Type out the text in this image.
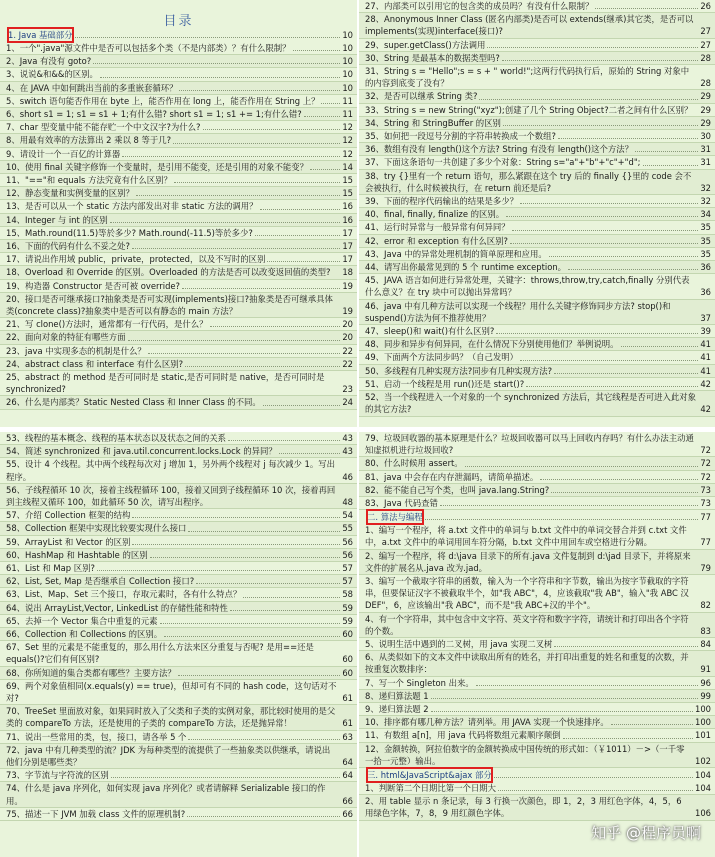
目录
1. Java 基础部分	10
1、一个".java"源文件中是否可以包括多个类（不是内部类）？有什么限制？	10
2、Java 有没有 goto?	10
3、说说&和&&的区别。	10
4、在 JAVA 中如何跳出当前的多重嵌套循环？	10
5、switch 语句能否作用在 byte 上，能否作用在 long 上，能否作用在 String 上？	11
6、short s1 = 1; s1 = s1 + 1;有什么错? short s1 = 1; s1 += 1;有什么错?	11
7、char 型变量中能不能存贮一个中文汉字?为什么?	12
8、用最有效率的方法算出 2 乘以 8 等于几?	12
9、请设计一个一百亿的计算器	12
10、使用 final 关键字修饰一个变量时，是引用不能变，还是引用的对象不能变？	14
11、"=="和 equals 方法究竟有什么区别？	15
12、静态变量和实例变量的区别？	15
13、是否可以从一个 static 方法内部发出对非 static 方法的调用？	16
14、Integer 与 int 的区别	16
15、Math.round(11.5)等於多少? Math.round(-11.5)等於多少?	17
16、下面的代码有什么不妥之处?	17
17、请说出作用域 public，private，protected，以及不写时的区别	17
18、Overload 和 Override 的区别。Overloaded 的方法是否可以改变返回值的类型?	18
19、构造器 Constructor 是否可被 override?	19
20、接口是否可继承接口?抽象类是否可实现(implements)接口?抽象类是否可继承具体类(concrete class)?抽象类中是否可以有静态的 main 方法？	19
21、写 clone()方法时，通常都有一行代码，是什么？	20
22、面向对象的特征有哪些方面	20
23、java 中实现多态的机制是什么？	22
24、abstract class 和 interface 有什么区别?	22
25、abstract 的 method 是否可同时是 static,是否可同时是 native，是否可同时是 synchronized?	23
26、什么是内部类？Static Nested Class 和 Inner Class 的不同。	24
27、内部类可以引用它的包含类的成员吗？有没有什么限制？	26
28、Anonymous Inner Class (匿名内部类)是否可以 extends(继承)其它类，是否可以 implements(实现)interface(接口)?	27
29、super.getClass()方法调用	27
30、String 是最基本的数据类型吗?	28
31、String s = "Hello";s = s + " world!";这两行代码执行后，原始的 String 对象中的内容到底变了没有？	28
32、是否可以继承 String 类?	29
33、String s = new String("xyz");创建了几个 String Object?二者之间有什么区别？ 29
34、String 和 StringBuffer 的区别	29
35、如何把一段逗号分割的字符串转换成一个数组?	30
36、数组有没有 length()这个方法? String 有没有 length()这个方法？	31
37、下面这条语句一共创建了多少个对象：String s="a"+"b"+"c"+"d";	31
38、try {}里有一个 return 语句，那么紧跟在这个 try 后的 finally {}里的 code 会不会被执行，什么时候被执行，在 return 前还是后?	32
39、下面的程序代码输出的结果是多少？	32
40、final, finally, finalize 的区别。	34
41、运行时异常与一般异常有何异同？	35
42、error 和 exception 有什么区别?	35
43、Java 中的异常处理机制的简单原理和应用。	35
44、请写出你最常见到的 5 个 runtime exception。	36
45、JAVA 语言如何进行异常处理，关键字：throws,throw,try,catch,finally 分别代表什么意义？在 try 块中可以抛出异常吗？	36
46、java 中有几种方法可以实现一个线程？用什么关键字修饰同步方法? stop()和 suspend()方法为何不推荐使用？	37
47、sleep()和 wait()有什么区别?	39
48、同步和异步有何异同，在什么情况下分别使用他们？举例说明。	41
49、下面两个方法同步吗？（自己发明）	41
50、多线程有几种实现方法?同步有几种实现方法?	41
51、启动一个线程是用 run()还是 start()?	42
52、当一个线程进入一个对象的一个 synchronized 方法后，其它线程是否可进入此对象的其它方法?	42
53、线程的基本概念、线程的基本状态以及状态之间的关系	43
54、简述 synchronized 和 java.util.concurrent.locks.Lock 的异同？	43
55、设计 4 个线程。其中两个线程每次对 j 增加 1，另外两个线程对 j 每次减少 1。写出程序。	46
56、子线程循环 10 次，接着主线程循环 100，接着又回到子线程循环 10 次，接着再回到主线程又循环 100，如此循环 50 次，请写出程序。	48
57、介绍 Collection 框架的结构	54
58、Collection 框架中实现比较要实现什么接口	55
59、ArrayList 和 Vector 的区别	56
60、HashMap 和 Hashtable 的区别	56
61、List 和 Map 区别?	57
62、List, Set, Map 是否继承自 Collection 接口?	57
63、List、Map、Set 三个接口，存取元素时，各有什么特点？	58
64、说出 ArrayList,Vector, LinkedList 的存储性能和特性	59
65、去掉一个 Vector 集合中重复的元素	59
66、Collection 和 Collections 的区别。	60
67、Set 里的元素是不能重复的，那么用什么方法来区分重复与否呢? 是用==还是 equals()?它们有何区别?	60
68、你所知道的集合类都有哪些？主要方法？	60
69、两个对象值相同(x.equals(y) == true)，但却可有不同的 hash code，这句话对不对?	61
70、TreeSet 里面放对象，如果同时放入了父类和子类的实例对象，那比较时使用的是父类的 compareTo 方法，还是使用的子类的 compareTo 方法，还是抛异常！	61
71、说出一些常用的类，包，接口，请各举 5 个	63
72、java 中有几种类型的流？JDK 为每种类型的流提供了一些抽象类以供继承，请说出他们分别是哪些类？	64
73、字节流与字符流的区别	64
74、什么是 java 序列化，如何实现 java 序列化？或者请解释 Serializable 接口的作用。	66
75、描述一下 JVM 加载 class 文件的原理机制?	66
79、垃圾回收器的基本原理是什么？垃圾回收器可以马上回收内存吗？有什么办法主动通知虚拟机进行垃圾回收?	72
80、什么时候用 assert。	72
81、java 中会存在内存泄漏吗，请简单描述。	72
82、能不能自己写个类，也叫 java.lang.String?	73
83、Java 代码查错	73
二. 算法与编程	77
1、编写一个程序，将 a.txt 文件中的单词与 b.txt 文件中的单词交替合并到 c.txt 文件中，a.txt 文件中的单词用回车符分隔，b.txt 文件中用回车或空格进行分隔。	77
2、编写一个程序，将 d:\java 目录下的所有.java 文件复制到 d:\jad 目录下，并将原来文件的扩展名从.java 改为.jad。	79
3、编写一个截取字符串的函数，输入为一个字符串和字节数，输出为按字节截取的字符串，但要保证汉字不被截取半个，如"我 ABC"，4，应该截取"我 AB"，输入"我 ABC 汉 DEF"，6，应该输出"我 ABC"，而不是"我 ABC+汉的半个"。	82
4、有一个字符串，其中包含中文字符、英文字符和数字字符，请统计和打印出各个字符的个数。	83
5、说明生活中遇到的二叉树，用 java 实现二叉树	84
6、从类似如下的文本文件中读取出所有的姓名，并打印出重复的姓名和重复的次数，并按重复次数排序：	91
7、写一个 Singleton 出来。	96
8、递归算法题 1	99
9、递归算法题 2	100
10、排序都有哪几种方法？请列举。用 JAVA 实现一个快速排序。	100
11、有数组 a[n]，用 java 代码将数组元素顺序颠倒	101
12、金额转换，阿拉伯数字的金额转换成中国传统的形式如：（￥1011）－>（一千零一拾一元整）输出。	102
三. html&JavaScript&ajax 部分	104
1、判断第二个日期比第一个日期大	104
2、用 table 显示 n 条记录，每 3 行换一次颜色，即 1，2，3 用红色字体，4，5，6 用绿色字体，7，8，9 用红颜色字体。	106
知乎 @程序员啊
